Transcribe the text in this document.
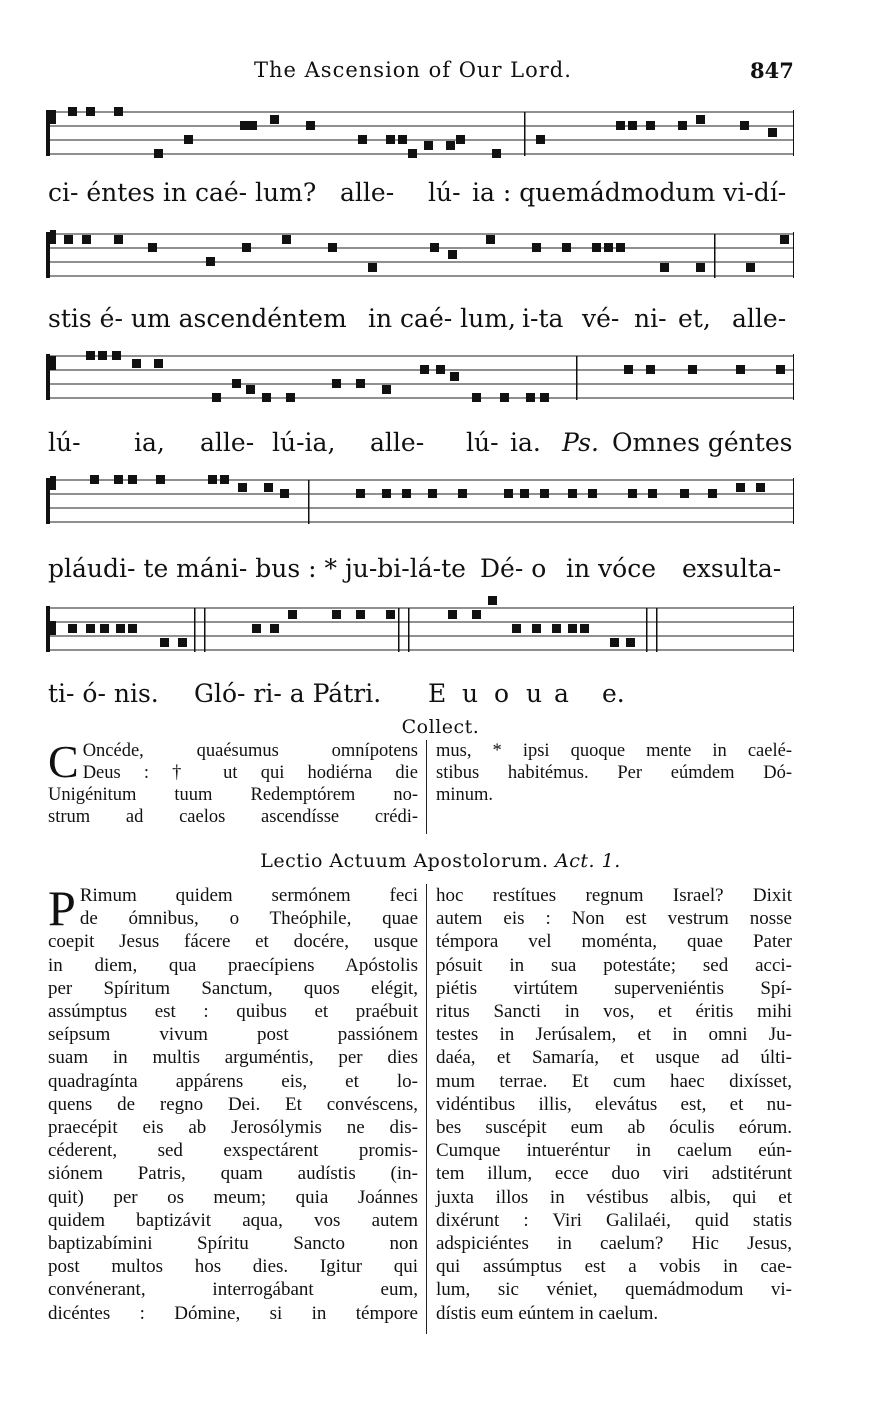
The Ascension of Our Lord.	847
ci- éntes in caé- lum? alle- lú- ia : quemádmodum vi-dí-
stis é- um ascendéntem in caé- lum, i-ta vé- ni- et, alle-
lú- ia, alle- lú-ia, alle- lú- ia. Ps. Omnes géntes
pláudi- te máni- bus : * ju-bi-lá-te Dé- o in vóce exsulta-
ti- ó- nis. Gló- ri- a Pátri. E u o u a e.
Collect.
C Oncéde, quaésumus omnípotens
Deus : † ut qui hodiérna die
Unigénitum tuum Redemptórem no-
strum ad caelos ascendísse crédi-
mus, * ipsi quoque mente in caelé-
stibus habitémus. Per eúmdem Dó-
minum.
Lectio Actuum Apostolorum. Act. 1.
P Rimum quidem sermónem feci
de ómnibus, o Theóphile, quae
coepit Jesus fácere et docére, usque
in diem, qua praecípiens Apóstolis
per Spíritum Sanctum, quos elégit,
assúmptus est : quibus et praébuit
seípsum vivum post passiónem
suam in multis arguméntis, per dies
quadragínta appárens eis, et lo-
quens de regno Dei. Et convéscens,
praecépit eis ab Jerosólymis ne dis-
céderent, sed exspectárent promis-
siónem Patris, quam audístis (in-
quit) per os meum; quia Joánnes
quidem baptizávit aqua, vos autem
baptizabímini Spíritu Sancto non
post multos hos dies. Igitur qui
convénerant, interrogábant eum,
dicéntes : Dómine, si in témpore
hoc restítues regnum Israel? Dixit
autem eis : Non est vestrum nosse
témpora vel moménta, quae Pater
pósuit in sua potestáte; sed acci-
piétis virtútem superveniéntis Spí-
ritus Sancti in vos, et éritis mihi
testes in Jerúsalem, et in omni Ju-
daéa, et Samaría, et usque ad últi-
mum terrae. Et cum haec dixísset,
vidéntibus illis, elevátus est, et nu-
bes suscépit eum ab óculis eórum.
Cumque intueréntur in caelum eún-
tem illum, ecce duo viri adstitérunt
juxta illos in véstibus albis, qui et
dixérunt : Viri Galilaéi, quid statis
adspiciéntes in caelum? Hic Jesus,
qui assúmptus est a vobis in cae-
lum, sic véniet, quemádmodum vi-
dístis eum eúntem in caelum.
